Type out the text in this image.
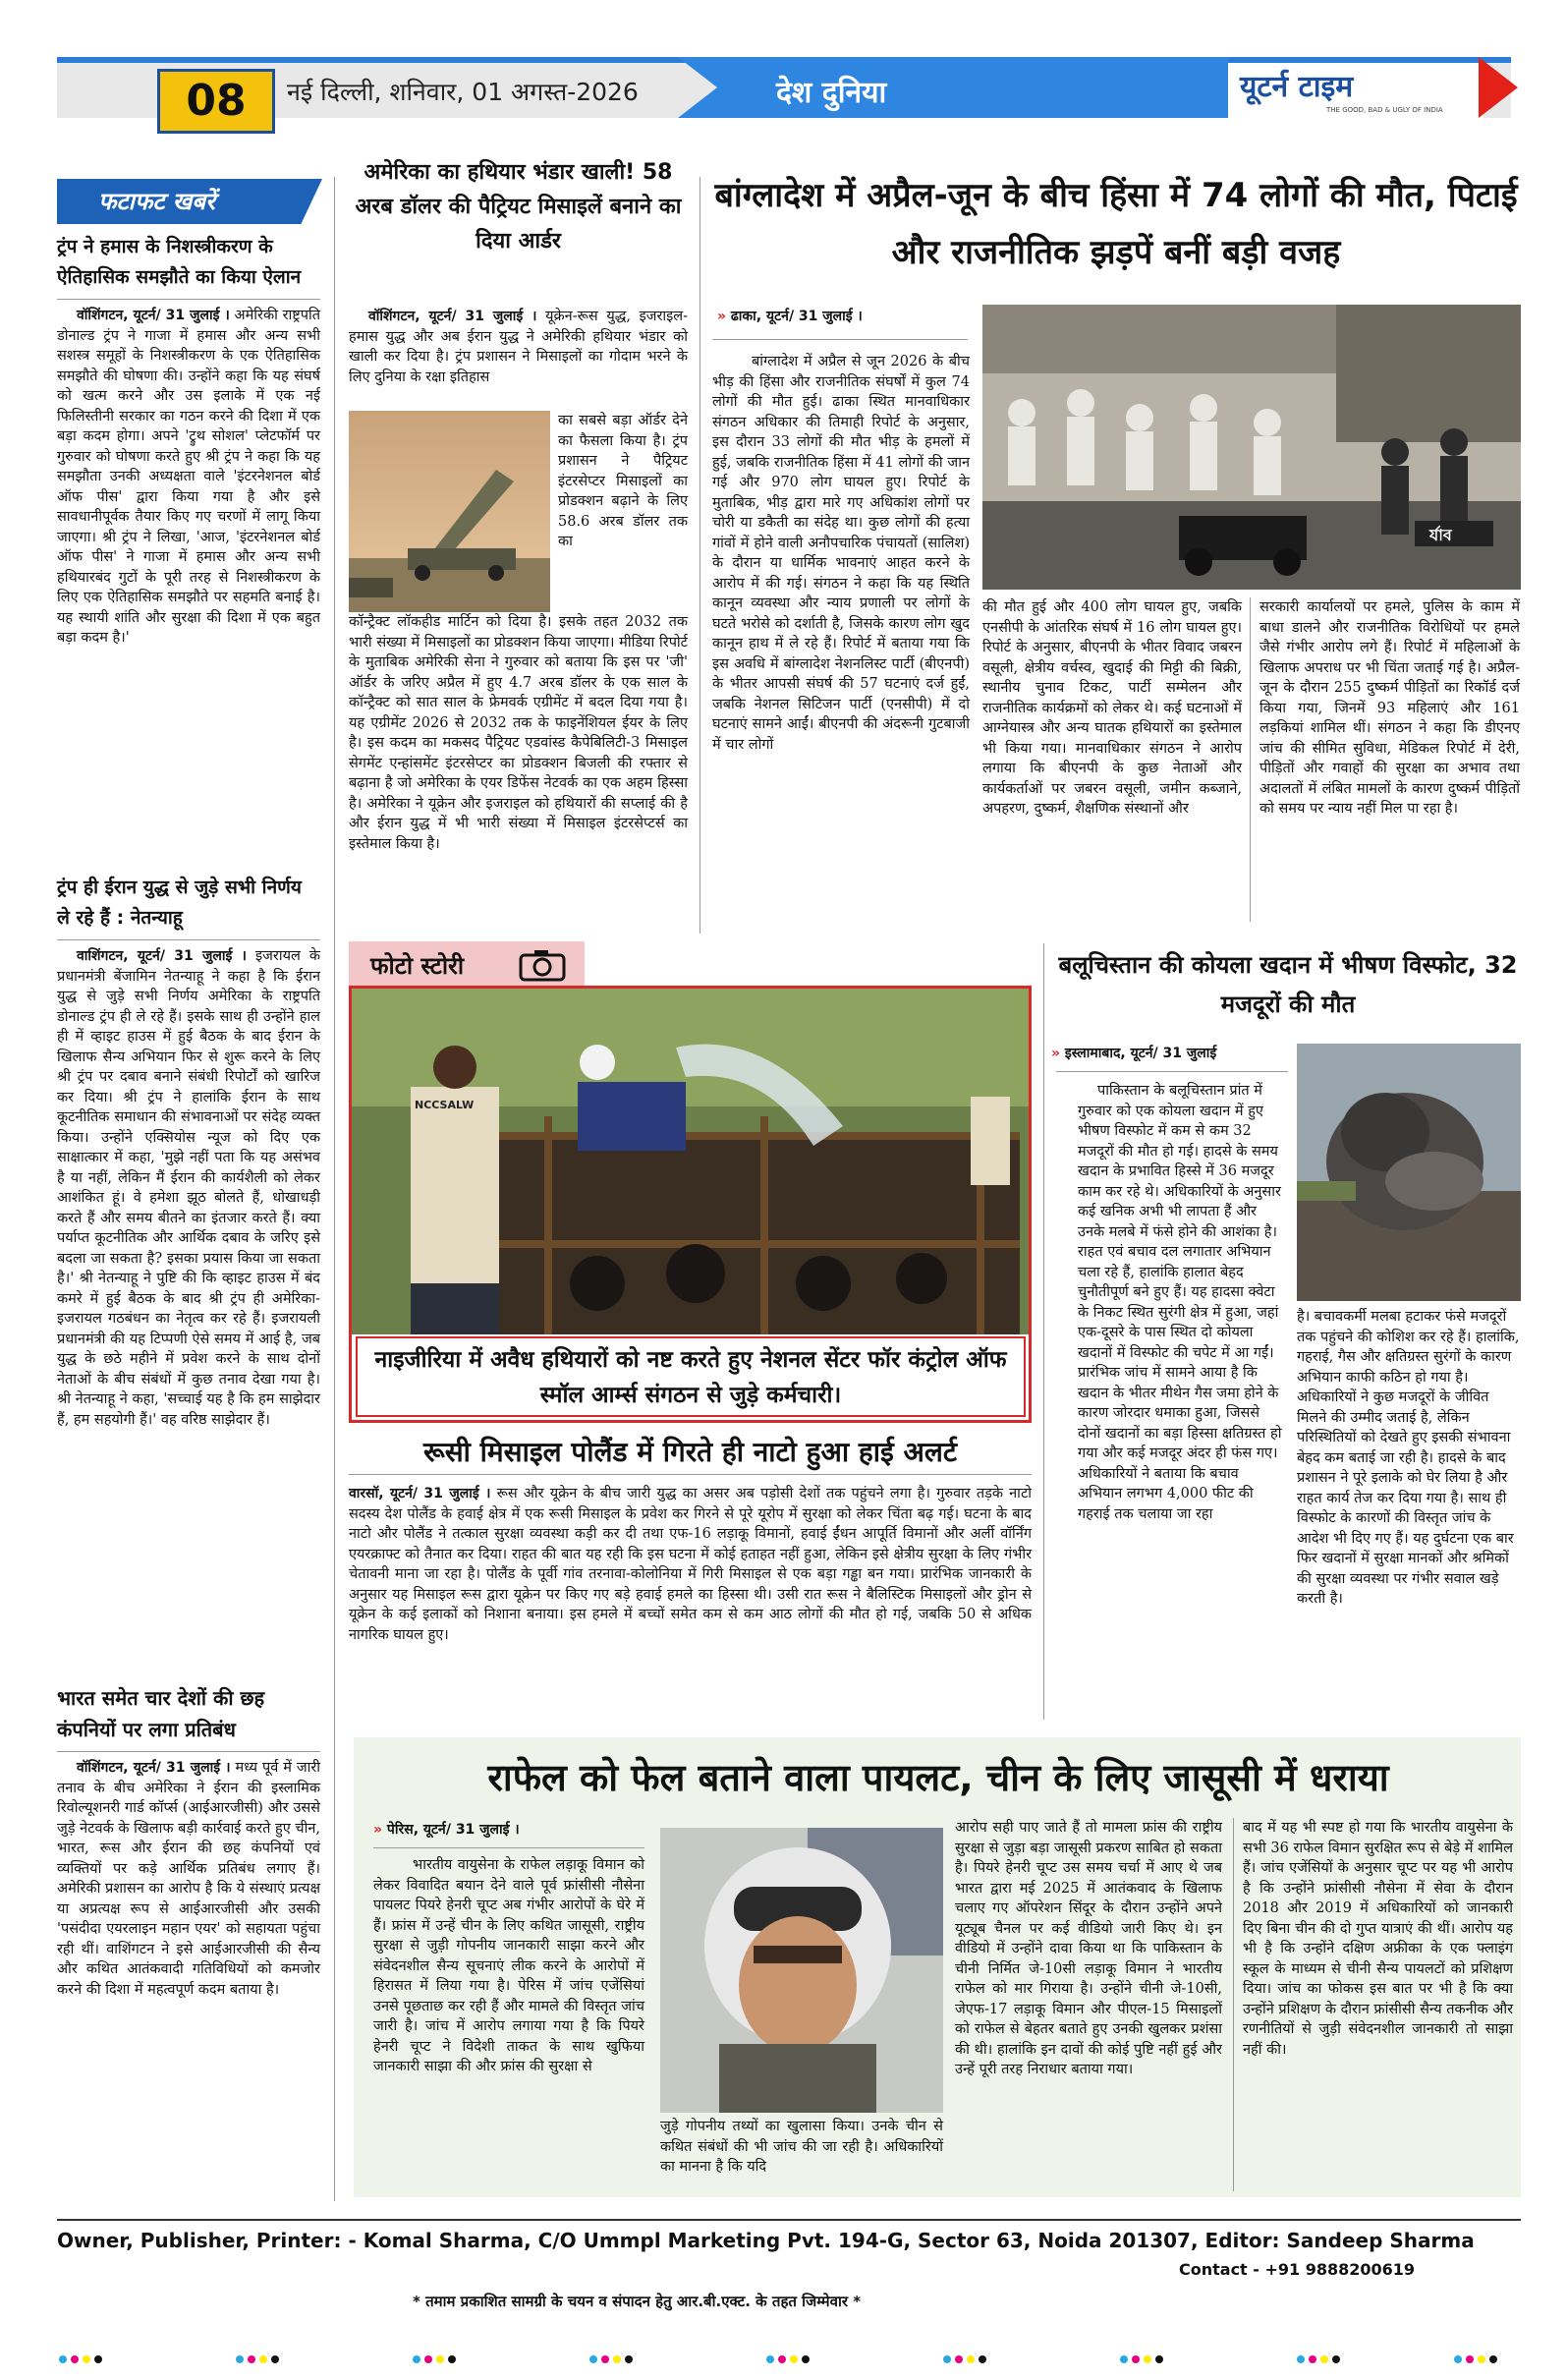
08	नई दिल्ली, शनिवार, 01 अगस्त-2026	देश दुनिया	यूटर्न टाइम
THE GOOD, BAD & UGLY OF INDIA
फटाफट खबरें
ट्रंप ने हमास के निशस्त्रीकरण के ऐतिहासिक समझौते का किया ऐलान

वॉशिंगटन, यूटर्न/ 31 जुलाई । अमेरिकी राष्ट्रपति डोनाल्ड ट्रंप ने गाजा में हमास और अन्य सभी सशस्त्र समूहों के निशस्त्रीकरण के एक ऐतिहासिक समझौते की घोषणा की। उन्होंने कहा कि यह संघर्ष को खत्म करने और उस इलाके में एक नई फिलिस्तीनी सरकार का गठन करने की दिशा में एक बड़ा कदम होगा। अपने 'ट्रुथ सोशल' प्लेटफॉर्म पर गुरुवार को घोषणा करते हुए श्री ट्रंप ने कहा कि यह समझौता उनकी अध्यक्षता वाले 'इंटरनेशनल बोर्ड ऑफ पीस' द्वारा किया गया है और इसे सावधानीपूर्वक तैयार किए गए चरणों में लागू किया जाएगा। श्री ट्रंप ने लिखा, 'आज, 'इंटरनेशनल बोर्ड ऑफ पीस' ने गाजा में हमास और अन्य सभी हथियारबंद गुटों के पूरी तरह से निशस्त्रीकरण के लिए एक ऐतिहासिक समझौते पर सहमति बनाई है। यह स्थायी शांति और सुरक्षा की दिशा में एक बहुत बड़ा कदम है।'

ट्रंप ही ईरान युद्ध से जुड़े सभी निर्णय ले रहे हैं : नेतन्याहू

वाशिंगटन, यूटर्न/ 31 जुलाई । इजरायल के प्रधानमंत्री बेंजामिन नेतन्याहू ने कहा है कि ईरान युद्ध से जुड़े सभी निर्णय अमेरिका के राष्ट्रपति डोनाल्ड ट्रंप ही ले रहे हैं। इसके साथ ही उन्होंने हाल ही में व्हाइट हाउस में हुई बैठक के बाद ईरान के खिलाफ सैन्य अभियान फिर से शुरू करने के लिए श्री ट्रंप पर दबाव बनाने संबंधी रिपोर्टों को खारिज कर दिया। श्री ट्रंप ने हालांकि ईरान के साथ कूटनीतिक समाधान की संभावनाओं पर संदेह व्यक्त किया। उन्होंने एक्सियोस न्यूज को दिए एक साक्षात्कार में कहा, 'मुझे नहीं पता कि यह असंभव है या नहीं, लेकिन मैं ईरान की कार्यशैली को लेकर आशंकित हूं। वे हमेशा झूठ बोलते हैं, धोखाधड़ी करते हैं और समय बीतने का इंतजार करते हैं। क्या पर्याप्त कूटनीतिक और आर्थिक दबाव के जरिए इसे बदला जा सकता है? इसका प्रयास किया जा सकता है।' श्री नेतन्याहू ने पुष्टि की कि व्हाइट हाउस में बंद कमरे में हुई बैठक के बाद श्री ट्रंप ही अमेरिका-इजरायल गठबंधन का नेतृत्व कर रहे हैं। इजरायली प्रधानमंत्री की यह टिप्पणी ऐसे समय में आई है, जब युद्ध के छठे महीने में प्रवेश करने के साथ दोनों नेताओं के बीच संबंधों में कुछ तनाव देखा गया है। श्री नेतन्याहू ने कहा, 'सच्चाई यह है कि हम साझेदार हैं, हम सहयोगी हैं।' वह वरिष्ठ साझेदार हैं।

भारत समेत चार देशों की छह कंपनियों पर लगा प्रतिबंध

वॉशिंगटन, यूटर्न/ 31 जुलाई । मध्य पूर्व में जारी तनाव के बीच अमेरिका ने ईरान की इस्लामिक रिवोल्यूशनरी गार्ड कॉर्प्स (आईआरजीसी) और उससे जुड़े नेटवर्क के खिलाफ बड़ी कार्रवाई करते हुए चीन, भारत, रूस और ईरान की छह कंपनियों एवं व्यक्तियों पर कड़े आर्थिक प्रतिबंध लगाए हैं। अमेरिकी प्रशासन का आरोप है कि ये संस्थाएं प्रत्यक्ष या अप्रत्यक्ष रूप से आईआरजीसी और उसकी 'पसंदीदा एयरलाइन महान एयर' को सहायता पहुंचा रही थीं। वाशिंगटन ने इसे आईआरजीसी की सैन्य और कथित आतंकवादी गतिविधियों को कमजोर करने की दिशा में महत्वपूर्ण कदम बताया है।

अमेरिका का हथियार भंडार खाली! 58 अरब डॉलर की पैट्रियट मिसाइलें बनाने का दिया आर्डर

वॉशिंगटन, यूटर्न/ 31 जुलाई । यूक्रेन-रूस युद्ध, इजराइल-हमास युद्ध और अब ईरान युद्ध ने अमेरिकी हथियार भंडार को खाली कर दिया है। ट्रंप प्रशासन ने मिसाइलों का गोदाम भरने के लिए दुनिया के रक्षा इतिहास

का सबसे बड़ा ऑर्डर देने का फैसला किया है। ट्रंप प्रशासन ने पैट्रियट इंटरसेप्टर मिसाइलों का प्रोडक्शन बढ़ाने के लिए 58.6 अरब डॉलर तक का

कॉन्ट्रैक्ट लॉकहीड मार्टिन को दिया है। इसके तहत 2032 तक भारी संख्या में मिसाइलों का प्रोडक्शन किया जाएगा। मीडिया रिपोर्ट के मुताबिक अमेरिकी सेना ने गुरुवार को बताया कि इस पर 'जी' ऑर्डर के जरिए अप्रैल में हुए 4.7 अरब डॉलर के एक साल के कॉन्ट्रैक्ट को सात साल के फ्रेमवर्क एग्रीमेंट में बदल दिया गया है। यह एग्रीमेंट 2026 से 2032 तक के फाइनेंशियल ईयर के लिए है। इस कदम का मकसद पैट्रियट एडवांस्ड कैपेबिलिटी-3 मिसाइल सेगमेंट एन्हांसमेंट इंटरसेप्टर का प्रोडक्शन बिजली की रफ्तार से बढ़ाना है जो अमेरिका के एयर डिफेंस नेटवर्क का एक अहम हिस्सा है। अमेरिका ने यूक्रेन और इजराइल को हथियारों की सप्लाई की है और ईरान युद्ध में भी भारी संख्या में मिसाइल इंटरसेप्टर्स का इस्तेमाल किया है।

बांग्लादेश में अप्रैल-जून के बीच हिंसा में 74 लोगों की मौत, पिटाई और राजनीतिक झड़पें बनीं बड़ी वजह
» ढाका, यूटर्न/ 31 जुलाई ।

बांग्लादेश में अप्रैल से जून 2026 के बीच भीड़ की हिंसा और राजनीतिक संघर्षों में कुल 74 लोगों की मौत हुई। ढाका स्थित मानवाधिकार संगठन अधिकार की तिमाही रिपोर्ट के अनुसार, इस दौरान 33 लोगों की मौत भीड़ के हमलों में हुई, जबकि राजनीतिक हिंसा में 41 लोगों की जान गई और 970 लोग घायल हुए। रिपोर्ट के मुताबिक, भीड़ द्वारा मारे गए अधिकांश लोगों पर चोरी या डकैती का संदेह था। कुछ लोगों की हत्या गांवों में होने वाली अनौपचारिक पंचायतों (सालिश) के दौरान या धार्मिक भावनाएं आहत करने के आरोप में की गई। संगठन ने कहा कि यह स्थिति कानून व्यवस्था और न्याय प्रणाली पर लोगों के घटते भरोसे को दर्शाती है, जिसके कारण लोग खुद कानून हाथ में ले रहे हैं। रिपोर्ट में बताया गया कि इस अवधि में बांग्लादेश नेशनलिस्ट पार्टी (बीएनपी) के भीतर आपसी संघर्ष की 57 घटनाएं दर्ज हुईं, जबकि नेशनल सिटिजन पार्टी (एनसीपी) में दो घटनाएं सामने आईं। बीएनपी की अंदरूनी गुटबाजी में चार लोगों

র্যাব

की मौत हुई और 400 लोग घायल हुए, जबकि एनसीपी के आंतरिक संघर्ष में 16 लोग घायल हुए। रिपोर्ट के अनुसार, बीएनपी के भीतर विवाद जबरन वसूली, क्षेत्रीय वर्चस्व, खुदाई की मिट्टी की बिक्री, स्थानीय चुनाव टिकट, पार्टी सम्मेलन और राजनीतिक कार्यक्रमों को लेकर थे। कई घटनाओं में आग्नेयास्त्र और अन्य घातक हथियारों का इस्तेमाल भी किया गया। मानवाधिकार संगठन ने आरोप लगाया कि बीएनपी के कुछ नेताओं और कार्यकर्ताओं पर जबरन वसूली, जमीन कब्जाने, अपहरण, दुष्कर्म, शैक्षणिक संस्थानों और

सरकारी कार्यालयों पर हमले, पुलिस के काम में बाधा डालने और राजनीतिक विरोधियों पर हमले जैसे गंभीर आरोप लगे हैं। रिपोर्ट में महिलाओं के खिलाफ अपराध पर भी चिंता जताई गई है। अप्रैल-जून के दौरान 255 दुष्कर्म पीड़ितों का रिकॉर्ड दर्ज किया गया, जिनमें 93 महिलाएं और 161 लड़कियां शामिल थीं। संगठन ने कहा कि डीएनए जांच की सीमित सुविधा, मेडिकल रिपोर्ट में देरी, पीड़ितों और गवाहों की सुरक्षा का अभाव तथा अदालतों में लंबित मामलों के कारण दुष्कर्म पीड़ितों को समय पर न्याय नहीं मिल पा रहा है।

फोटो स्टोरी
NCCSALW
नाइजीरिया में अवैध हथियारों को नष्ट करते हुए नेशनल सेंटर फॉर कंट्रोल ऑफ स्मॉल आर्म्स संगठन से जुड़े कर्मचारी।
रूसी मिसाइल पोलैंड में गिरते ही नाटो हुआ हाई अलर्ट

वारसॉ, यूटर्न/ 31 जुलाई । रूस और यूक्रेन के बीच जारी युद्ध का असर अब पड़ोसी देशों तक पहुंचने लगा है। गुरुवार तड़के नाटो सदस्य देश पोलैंड के हवाई क्षेत्र में एक रूसी मिसाइल के प्रवेश कर गिरने से पूरे यूरोप में सुरक्षा को लेकर चिंता बढ़ गई। घटना के बाद नाटो और पोलैंड ने तत्काल सुरक्षा व्यवस्था कड़ी कर दी तथा एफ-16 लड़ाकू विमानों, हवाई ईंधन आपूर्ति विमानों और अर्ली वॉर्निंग एयरक्राफ्ट को तैनात कर दिया। राहत की बात यह रही कि इस घटना में कोई हताहत नहीं हुआ, लेकिन इसे क्षेत्रीय सुरक्षा के लिए गंभीर चेतावनी माना जा रहा है। पोलैंड के पूर्वी गांव तरनावा-कोलोनिया में गिरी मिसाइल से एक बड़ा गड्ढा बन गया। प्रारंभिक जानकारी के अनुसार यह मिसाइल रूस द्वारा यूक्रेन पर किए गए बड़े हवाई हमले का हिस्सा थी। उसी रात रूस ने बैलिस्टिक मिसाइलों और ड्रोन से यूक्रेन के कई इलाकों को निशाना बनाया। इस हमले में बच्चों समेत कम से कम आठ लोगों की मौत हो गई, जबकि 50 से अधिक नागरिक घायल हुए।

बलूचिस्तान की कोयला खदान में भीषण विस्फोट, 32 मजदूरों की मौत
» इस्लामाबाद, यूटर्न/ 31 जुलाई

पाकिस्तान के बलूचिस्तान प्रांत में गुरुवार को एक कोयला खदान में हुए भीषण विस्फोट में कम से कम 32 मजदूरों की मौत हो गई। हादसे के समय खदान के प्रभावित हिस्से में 36 मजदूर काम कर रहे थे। अधिकारियों के अनुसार कई खनिक अभी भी लापता हैं और उनके मलबे में फंसे होने की आशंका है। राहत एवं बचाव दल लगातार अभियान चला रहे हैं, हालांकि हालात बेहद चुनौतीपूर्ण बने हुए हैं। यह हादसा क्वेटा के निकट स्थित सुरंगी क्षेत्र में हुआ, जहां एक-दूसरे के पास स्थित दो कोयला खदानों में विस्फोट की चपेट में आ गईं। प्रारंभिक जांच में सामने आया है कि खदान के भीतर मीथेन गैस जमा होने के कारण जोरदार धमाका हुआ, जिससे दोनों खदानों का बड़ा हिस्सा क्षतिग्रस्त हो गया और कई मजदूर अंदर ही फंस गए। अधिकारियों ने बताया कि बचाव अभियान लगभग 4,000 फीट की गहराई तक चलाया जा रहा

है। बचावकर्मी मलबा हटाकर फंसे मजदूरों तक पहुंचने की कोशिश कर रहे हैं। हालांकि, गहराई, गैस और क्षतिग्रस्त सुरंगों के कारण अभियान काफी कठिन हो गया है। अधिकारियों ने कुछ मजदूरों के जीवित मिलने की उम्मीद जताई है, लेकिन परिस्थितियों को देखते हुए इसकी संभावना बेहद कम बताई जा रही है। हादसे के बाद प्रशासन ने पूरे इलाके को घेर लिया है और राहत कार्य तेज कर दिया गया है। साथ ही विस्फोट के कारणों की विस्तृत जांच के आदेश भी दिए गए हैं। यह दुर्घटना एक बार फिर खदानों में सुरक्षा मानकों और श्रमिकों की सुरक्षा व्यवस्था पर गंभीर सवाल खड़े करती है।

राफेल को फेल बताने वाला पायलट, चीन के लिए जासूसी में धराया
» पेरिस, यूटर्न/ 31 जुलाई ।

भारतीय वायुसेना के राफेल लड़ाकू विमान को लेकर विवादित बयान देने वाले पूर्व फ्रांसीसी नौसेना पायलट पियरे हेनरी चूप्ट अब गंभीर आरोपों के घेरे में हैं। फ्रांस में उन्हें चीन के लिए कथित जासूसी, राष्ट्रीय सुरक्षा से जुड़ी गोपनीय जानकारी साझा करने और संवेदनशील सैन्य सूचनाएं लीक करने के आरोपों में हिरासत में लिया गया है। पेरिस में जांच एजेंसियां उनसे पूछताछ कर रही हैं और मामले की विस्तृत जांच जारी है। जांच में आरोप लगाया गया है कि पियरे हेनरी चूप्ट ने विदेशी ताकत के साथ खुफिया जानकारी साझा की और फ्रांस की सुरक्षा से

जुड़े गोपनीय तथ्यों का खुलासा किया। उनके चीन से कथित संबंधों की भी जांच की जा रही है। अधिकारियों का मानना है कि यदि

आरोप सही पाए जाते हैं तो मामला फ्रांस की राष्ट्रीय सुरक्षा से जुड़ा बड़ा जासूसी प्रकरण साबित हो सकता है। पियरे हेनरी चूप्ट उस समय चर्चा में आए थे जब भारत द्वारा मई 2025 में आतंकवाद के खिलाफ चलाए गए ऑपरेशन सिंदूर के दौरान उन्होंने अपने यूट्यूब चैनल पर कई वीडियो जारी किए थे। इन वीडियो में उन्होंने दावा किया था कि पाकिस्तान के चीनी निर्मित जे-10सी लड़ाकू विमान ने भारतीय राफेल को मार गिराया है। उन्होंने चीनी जे-10सी, जेएफ-17 लड़ाकू विमान और पीएल-15 मिसाइलों को राफेल से बेहतर बताते हुए उनकी खुलकर प्रशंसा की थी। हालांकि इन दावों की कोई पुष्टि नहीं हुई और उन्हें पूरी तरह निराधार बताया गया।

बाद में यह भी स्पष्ट हो गया कि भारतीय वायुसेना के सभी 36 राफेल विमान सुरक्षित रूप से बेड़े में शामिल हैं। जांच एजेंसियों के अनुसार चूप्ट पर यह भी आरोप है कि उन्होंने फ्रांसीसी नौसेना में सेवा के दौरान 2018 और 2019 में अधिकारियों को जानकारी दिए बिना चीन की दो गुप्त यात्राएं की थीं। आरोप यह भी है कि उन्होंने दक्षिण अफ्रीका के एक फ्लाइंग स्कूल के माध्यम से चीनी सैन्य पायलटों को प्रशिक्षण दिया। जांच का फोकस इस बात पर भी है कि क्या उन्होंने प्रशिक्षण के दौरान फ्रांसीसी सैन्य तकनीक और रणनीतियों से जुड़ी संवेदनशील जानकारी तो साझा नहीं की।

Owner, Publisher, Printer: - Komal Sharma, C/O Ummpl Marketing Pvt. 194-G, Sector 63, Noida 201307, Editor: Sandeep Sharma
Contact - +91 9888200619
* तमाम प्रकाशित सामग्री के चयन व संपादन हेतु आर.बी.एक्ट. के तहत जिम्मेवार *
